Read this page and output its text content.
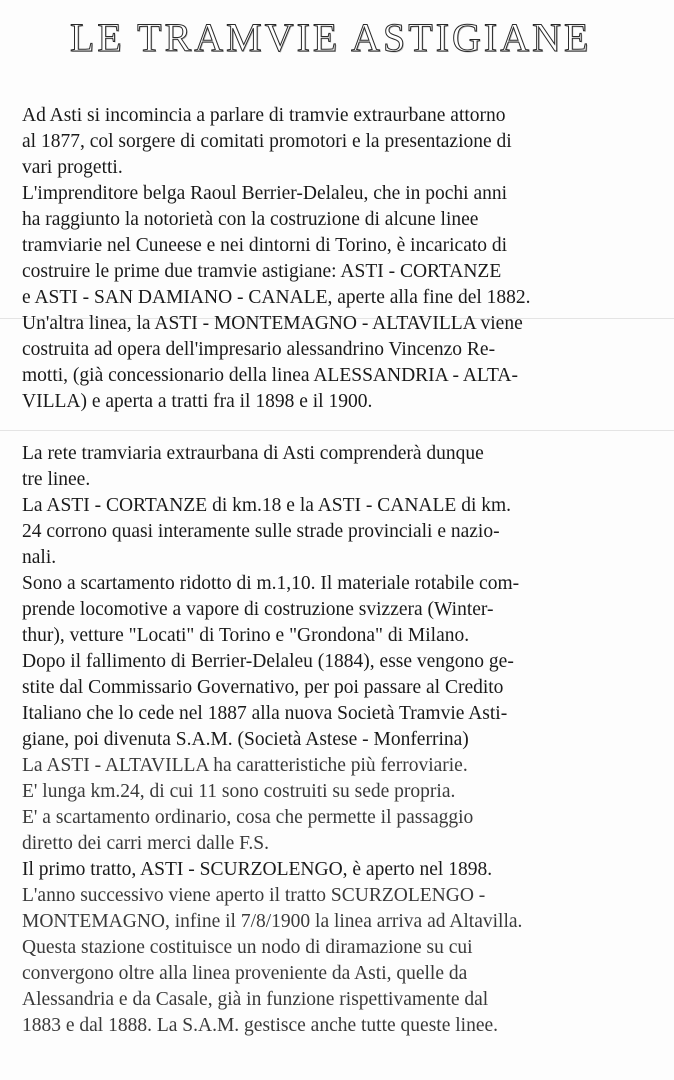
LE TRAMVIE ASTIGIANE
Ad Asti si incomincia a parlare di tramvie extraurbane attorno
al 1877, col sorgere di comitati promotori e la presentazione di
vari progetti.
L'imprenditore belga Raoul Berrier-Delaleu, che in pochi anni
ha raggiunto la notorietà con la costruzione di alcune linee
tramviarie nel Cuneese e nei dintorni di Torino, è incaricato di
costruire le prime due tramvie astigiane: ASTI - CORTANZE
e ASTI - SAN DAMIANO - CANALE, aperte alla fine del 1882.
Un'altra linea, la ASTI - MONTEMAGNO - ALTAVILLA viene
costruita ad opera dell'impresario alessandrino Vincenzo Re-
motti, (già concessionario della linea ALESSANDRIA - ALTA-
VILLA) e aperta a tratti fra il 1898 e il 1900.
La rete tramviaria extraurbana di Asti comprenderà dunque
tre linee.
La ASTI - CORTANZE di km.18 e la ASTI - CANALE di km.
24 corrono quasi interamente sulle strade provinciali e nazio-
nali.
Sono a scartamento ridotto di m.1,10. Il materiale rotabile com-
prende locomotive a vapore di costruzione svizzera (Winter-
thur), vetture "Locati" di Torino e "Grondona" di Milano.
Dopo il fallimento di Berrier-Delaleu (1884), esse vengono ge-
stite dal Commissario Governativo, per poi passare al Credito
Italiano che lo cede nel 1887 alla nuova Società Tramvie Asti-
giane, poi divenuta S.A.M. (Società Astese - Monferrina)
La ASTI - ALTAVILLA ha caratteristiche più ferroviarie.
E' lunga km.24, di cui 11 sono costruiti su sede propria.
E' a scartamento ordinario, cosa che permette il passaggio
diretto dei carri merci dalle F.S.
Il primo tratto, ASTI - SCURZOLENGO, è aperto nel 1898.
L'anno successivo viene aperto il tratto SCURZOLENGO -
MONTEMAGNO, infine il 7/8/1900 la linea arriva ad Altavilla.
Questa stazione costituisce un nodo di diramazione su cui
convergono oltre alla linea proveniente da Asti, quelle da
Alessandria e da Casale, già in funzione rispettivamente dal
1883 e dal 1888. La S.A.M. gestisce anche tutte queste linee.
